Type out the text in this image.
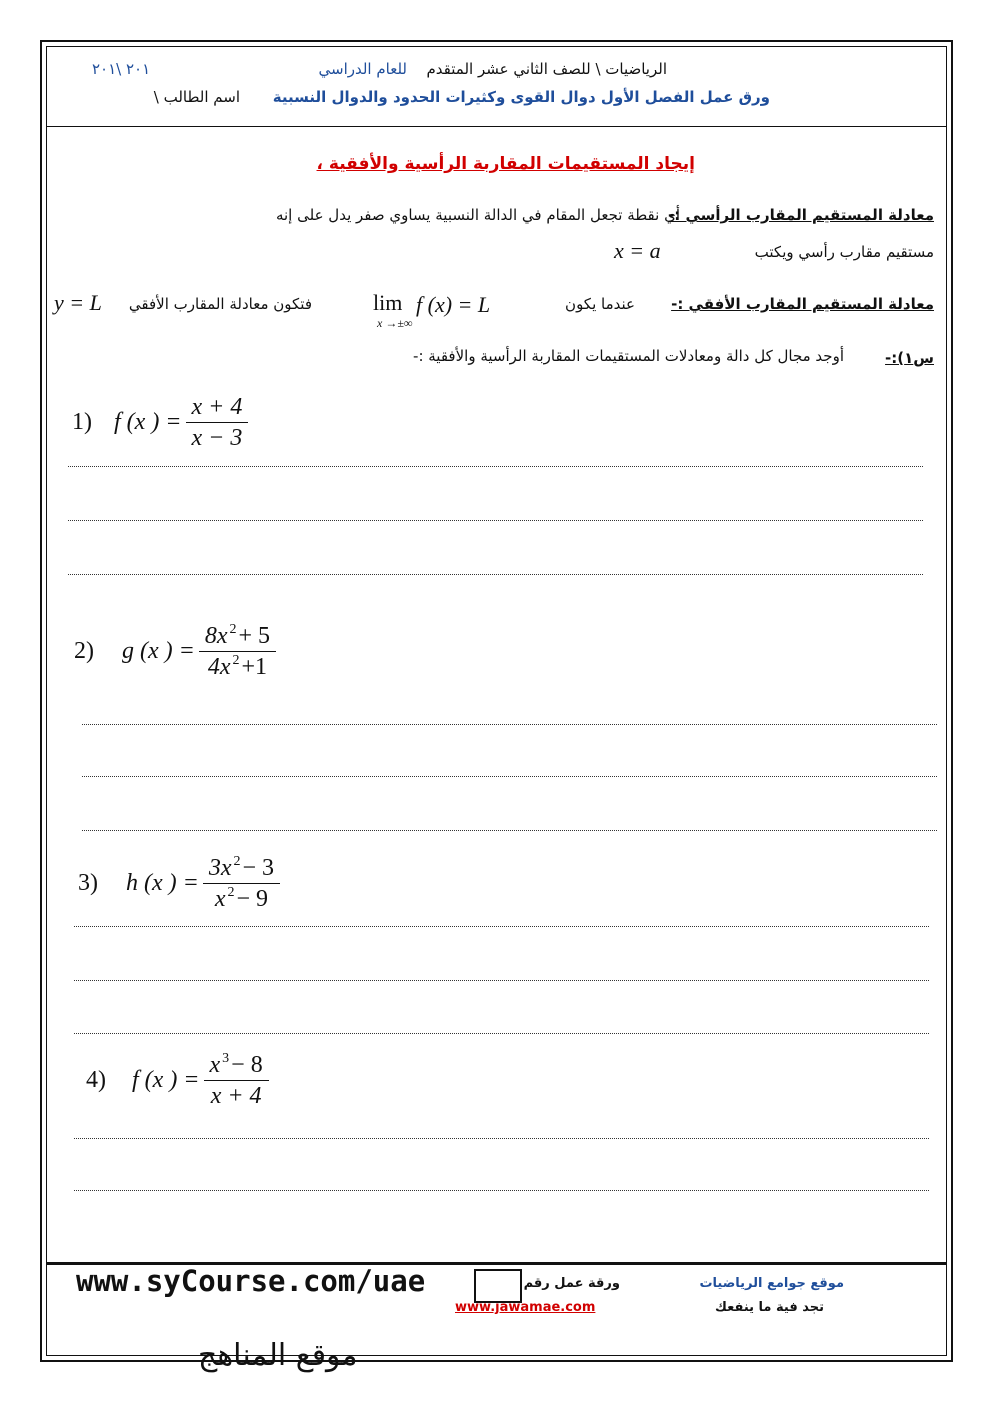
الرياضيات \ للصف الثاني عشر المتقدم
للعام الدراسي
٢٠١ \٢٠١
ورق عمل الفصل الأول دوال القوى وكثيرات الحدود والدوال النسبية
اسم الطالب \
إيجاد المستقيمات المقاربة الرأسية والأفقية ،
معادلة المستقيم المقارب الرأسي :-
أي نقطة تجعل المقام في الدالة النسبية يساوي صفر يدل على إنه
مستقيم مقارب رأسي ويكتب
x = a
معادلة المستقيم المقارب الأفقي :-
عندما يكون
lim
x →±∞
f (x) = L
فتكون معادلة المقارب الأفقي
y = L
س١):-
أوجد مجال كل دالة ومعادلات المستقيمات المقاربة الرأسية والأفقية :-
1) f (x ) = $\frac{x + 4}{x - 3}$
2) g (x ) = $\frac{8x ^2+ 5}{4x ^2+1}$
3) h (x ) = $\frac{3x ^2- 3}{x ^2- 9}$
4) f (x ) = $\frac{x ^3- 8}{x + 4}$
موقع جوامع الرياضيات
تجد فية ما ينفعك
ورقة عمل رقم
www.jawamae.com
www.syCourse.com/uae
موقع المناهج
